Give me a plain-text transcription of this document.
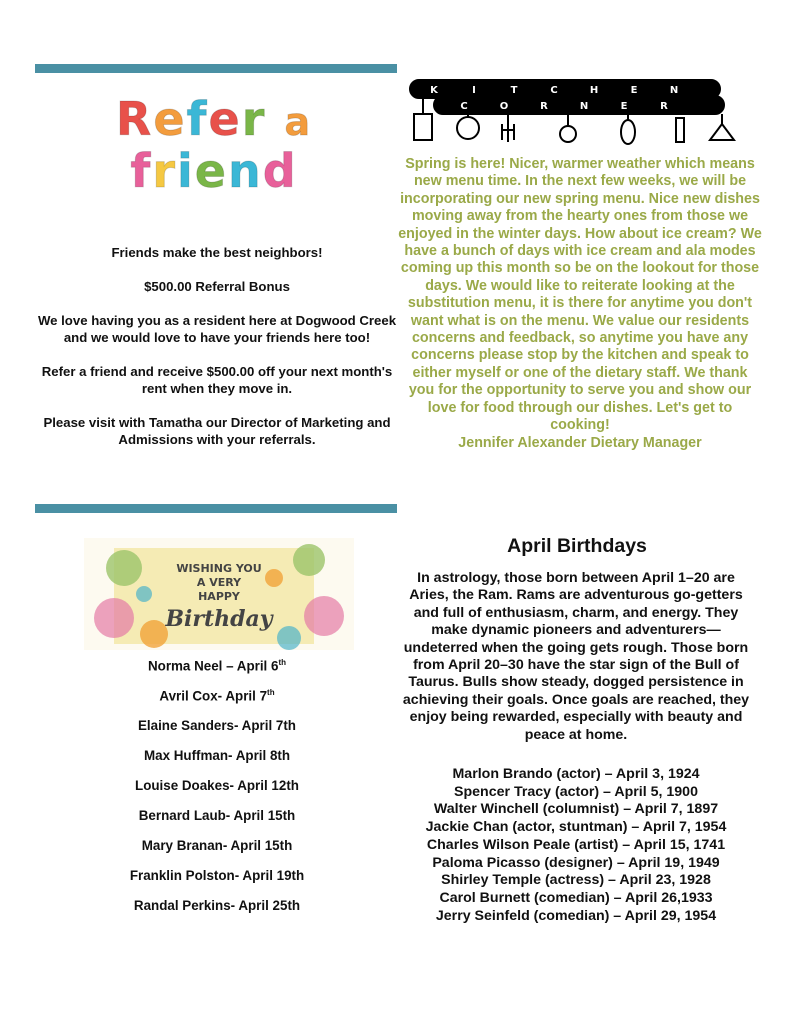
Refer a
friend

Friends make the best neighbors!

$500.00 Referral Bonus

We love having you as a resident here at Dogwood Creek and we would love to have your friends here too!

Refer a friend and receive $500.00 off your next month's rent when they move in.

Please visit with Tamatha our Director of Marketing and Admissions with your referrals.

K	I	T	C	H	E	N
C	O	R	N	E	R

Spring is here! Nicer, warmer weather which means new menu time. In the next few weeks, we will be incorporating our new spring menu. Nice new dishes moving away from the hearty ones from those we enjoyed in the winter days. How about ice cream? We have a bunch of days with ice cream and ala modes coming up this month so be on the lookout for those days. We would like to reiterate looking at the substitution menu, it is there for anytime you don't want what is on the menu. We value our residents concerns and feedback, so anytime you have any concerns please stop by the kitchen and speak to either myself or one of the dietary staff. We thank you for the opportunity to serve you and show our love for food through our dishes. Let's get to cooking!

Jennifer Alexander Dietary Manager

WISHING YOU
A VERY
HAPPY
Birthday
Norma Neel – April 6th
Avril Cox- April 7th
Elaine Sanders- April 7th
Max Huffman- April 8th
Louise Doakes- April 12th
Bernard Laub- April 15th
Mary Branan- April 15th
Franklin Polston- April 19th
Randal Perkins- April 25th
April Birthdays
In astrology, those born between April 1–20 are Aries, the Ram. Rams are adventurous go-getters and full of enthusiasm, charm, and energy. They make dynamic pioneers and adventurers—undeterred when the going gets rough. Those born from April 20–30 have the star sign of the Bull of Taurus. Bulls show steady, dogged persistence in achieving their goals. Once goals are reached, they enjoy being rewarded, especially with beauty and peace at home.
Marlon Brando (actor) – April 3, 1924
Spencer Tracy (actor) – April 5, 1900
Walter Winchell (columnist) – April 7, 1897
Jackie Chan (actor, stuntman) – April 7, 1954
Charles Wilson Peale (artist) – April 15, 1741
Paloma Picasso (designer) – April 19, 1949
Shirley Temple (actress) – April 23, 1928
Carol Burnett (comedian) – April 26,1933
Jerry Seinfeld (comedian) – April 29, 1954
